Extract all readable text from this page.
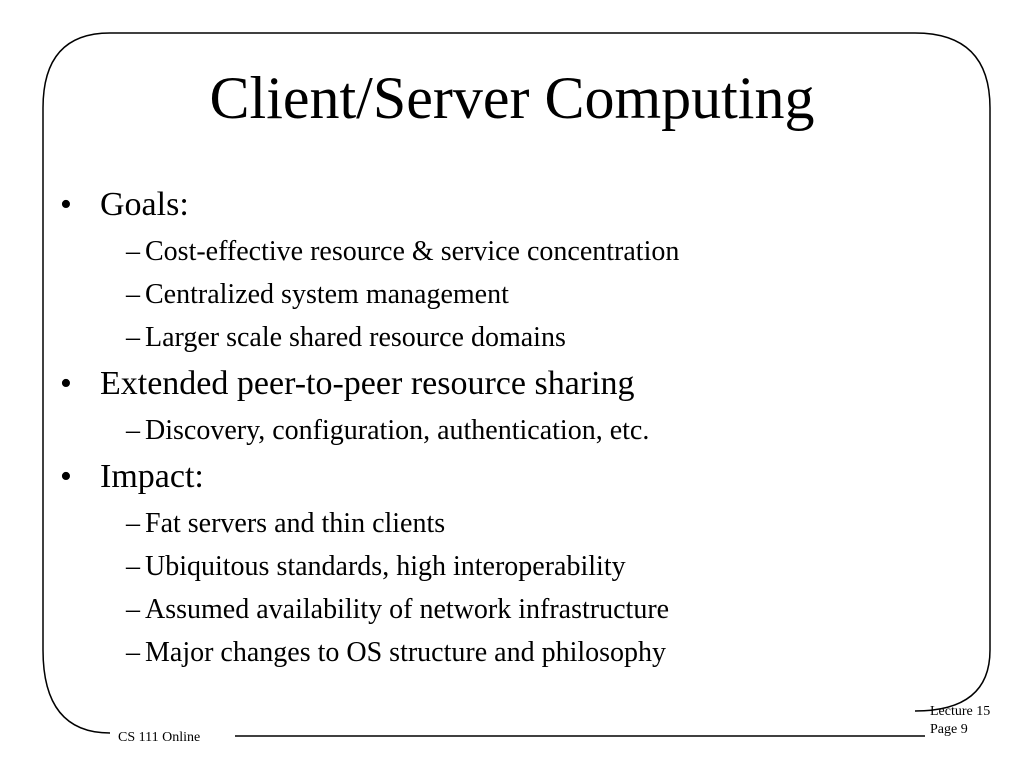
Client/Server Computing
• Goals:
– Cost-effective resource & service concentration
– Centralized system management
– Larger scale shared resource domains
• Extended peer-to-peer resource sharing
– Discovery, configuration, authentication, etc.
• Impact:
– Fat servers and thin clients
– Ubiquitous standards, high interoperability
– Assumed availability of network infrastructure
– Major changes to OS structure and philosophy
CS 111 Online
Lecture 15
Page 9
